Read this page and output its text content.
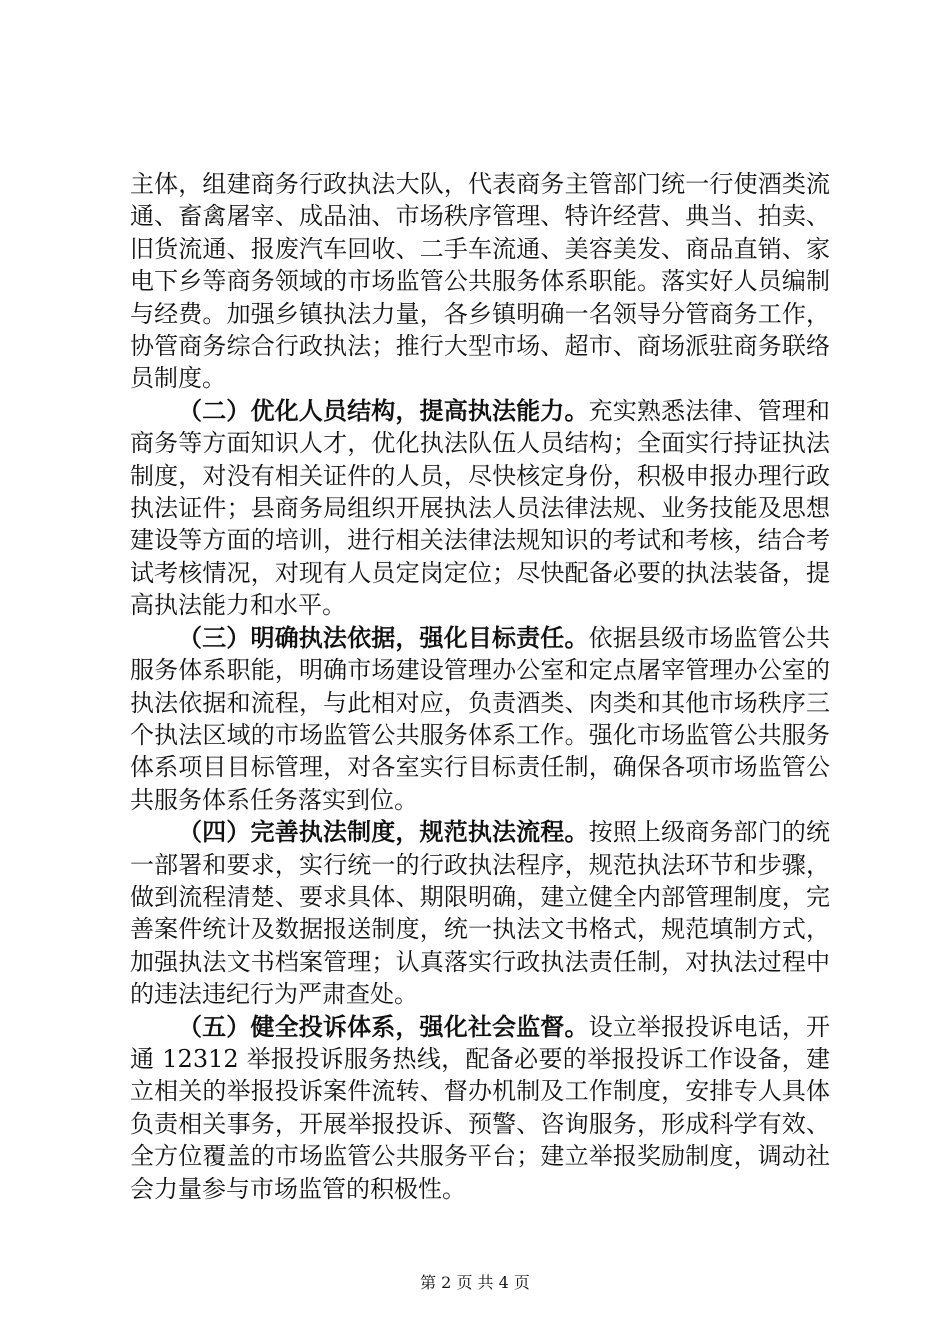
主体，组建商务行政执法大队，代表商务主管部门统一行使酒类流通、畜禽屠宰、成品油、市场秩序管理、特许经营、典当、拍卖、旧货流通、报废汽车回收、二手车流通、美容美发、商品直销、家电下乡等商务领域的市场监管公共服务体系职能。落实好人员编制与经费。加强乡镇执法力量，各乡镇明确一名领导分管商务工作，协管商务综合行政执法；推行大型市场、超市、商场派驻商务联络员制度。

（二）优化人员结构，提高执法能力。充实熟悉法律、管理和商务等方面知识人才，优化执法队伍人员结构；全面实行持证执法制度，对没有相关证件的人员，尽快核定身份，积极申报办理行政执法证件；县商务局组织开展执法人员法律法规、业务技能及思想建设等方面的培训，进行相关法律法规知识的考试和考核，结合考试考核情况，对现有人员定岗定位；尽快配备必要的执法装备，提高执法能力和水平。

（三）明确执法依据，强化目标责任。依据县级市场监管公共服务体系职能，明确市场建设管理办公室和定点屠宰管理办公室的执法依据和流程，与此相对应，负责酒类、肉类和其他市场秩序三个执法区域的市场监管公共服务体系工作。强化市场监管公共服务体系项目目标管理，对各室实行目标责任制，确保各项市场监管公共服务体系任务落实到位。

（四）完善执法制度，规范执法流程。按照上级商务部门的统一部署和要求，实行统一的行政执法程序，规范执法环节和步骤，做到流程清楚、要求具体、期限明确，建立健全内部管理制度，完善案件统计及数据报送制度，统一执法文书格式，规范填制方式，加强执法文书档案管理；认真落实行政执法责任制，对执法过程中的违法违纪行为严肃查处。

（五）健全投诉体系，强化社会监督。设立举报投诉电话，开通 12312 举报投诉服务热线，配备必要的举报投诉工作设备，建立相关的举报投诉案件流转、督办机制及工作制度，安排专人具体负责相关事务，开展举报投诉、预警、咨询服务，形成科学有效、全方位覆盖的市场监管公共服务平台；建立举报奖励制度，调动社会力量参与市场监管的积极性。

第 2 页 共 4 页
